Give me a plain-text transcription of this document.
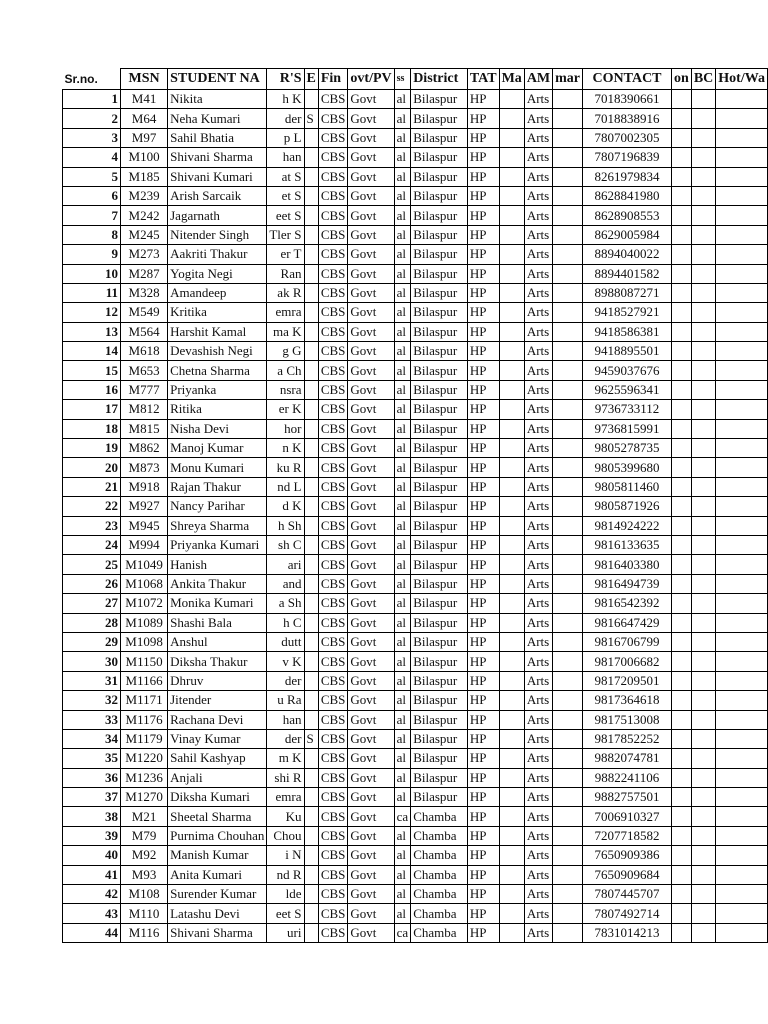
Sr.no.	MSN	STUDENT NA	R'S	E	Fin	ovt/PV	ss	District	TAT	Ma	AM	mar	CONTACT	on	BC	Hot/Wa
1	M41	Nikita	h K		CBS	Govt	al	Bilaspur	HP		Arts		7018390661			
2	M64	Neha Kumari	der	S	CBS	Govt	al	Bilaspur	HP		Arts		7018838916			
3	M97	Sahil Bhatia	p L		CBS	Govt	al	Bilaspur	HP		Arts		7807002305			
4	M100	Shivani Sharma	han		CBS	Govt	al	Bilaspur	HP		Arts		7807196839			
5	M185	Shivani Kumari	at S		CBS	Govt	al	Bilaspur	HP		Arts		8261979834			
6	M239	Arish Sarcaik	et S		CBS	Govt	al	Bilaspur	HP		Arts		8628841980			
7	M242	Jagarnath	eet S		CBS	Govt	al	Bilaspur	HP		Arts		8628908553			
8	M245	Nitender Singh	Tler S		CBS	Govt	al	Bilaspur	HP		Arts		8629005984			
9	M273	Aakriti Thakur	er T		CBS	Govt	al	Bilaspur	HP		Arts		8894040022			
10	M287	Yogita Negi	Ran		CBS	Govt	al	Bilaspur	HP		Arts		8894401582			
11	M328	Amandeep	ak R		CBS	Govt	al	Bilaspur	HP		Arts		8988087271			
12	M549	Kritika	emra		CBS	Govt	al	Bilaspur	HP		Arts		9418527921			
13	M564	Harshit Kamal	ma K		CBS	Govt	al	Bilaspur	HP		Arts		9418586381			
14	M618	Devashish Negi	g G		CBS	Govt	al	Bilaspur	HP		Arts		9418895501			
15	M653	Chetna Sharma	a Ch		CBS	Govt	al	Bilaspur	HP		Arts		9459037676			
16	M777	Priyanka	nsra		CBS	Govt	al	Bilaspur	HP		Arts		9625596341			
17	M812	Ritika	er K		CBS	Govt	al	Bilaspur	HP		Arts		9736733112			
18	M815	Nisha Devi	hor		CBS	Govt	al	Bilaspur	HP		Arts		9736815991			
19	M862	Manoj Kumar	n K		CBS	Govt	al	Bilaspur	HP		Arts		9805278735			
20	M873	Monu Kumari	ku R		CBS	Govt	al	Bilaspur	HP		Arts		9805399680			
21	M918	Rajan Thakur	nd L		CBS	Govt	al	Bilaspur	HP		Arts		9805811460			
22	M927	Nancy Parihar	d K		CBS	Govt	al	Bilaspur	HP		Arts		9805871926			
23	M945	Shreya Sharma	h Sh		CBS	Govt	al	Bilaspur	HP		Arts		9814924222			
24	M994	Priyanka Kumari	sh C		CBS	Govt	al	Bilaspur	HP		Arts		9816133635			
25	M1049	Hanish	ari		CBS	Govt	al	Bilaspur	HP		Arts		9816403380			
26	M1068	Ankita Thakur	and		CBS	Govt	al	Bilaspur	HP		Arts		9816494739			
27	M1072	Monika Kumari	a Sh		CBS	Govt	al	Bilaspur	HP		Arts		9816542392			
28	M1089	Shashi Bala	h C		CBS	Govt	al	Bilaspur	HP		Arts		9816647429			
29	M1098	Anshul	dutt		CBS	Govt	al	Bilaspur	HP		Arts		9816706799			
30	M1150	Diksha Thakur	v K		CBS	Govt	al	Bilaspur	HP		Arts		9817006682			
31	M1166	Dhruv	der		CBS	Govt	al	Bilaspur	HP		Arts		9817209501			
32	M1171	Jitender	u Ra		CBS	Govt	al	Bilaspur	HP		Arts		9817364618			
33	M1176	Rachana Devi	han		CBS	Govt	al	Bilaspur	HP		Arts		9817513008			
34	M1179	Vinay Kumar	der	S	CBS	Govt	al	Bilaspur	HP		Arts		9817852252			
35	M1220	Sahil Kashyap	m K		CBS	Govt	al	Bilaspur	HP		Arts		9882074781			
36	M1236	Anjali	shi R		CBS	Govt	al	Bilaspur	HP		Arts		9882241106			
37	M1270	Diksha Kumari	emra		CBS	Govt	al	Bilaspur	HP		Arts		9882757501			
38	M21	Sheetal Sharma	Ku		CBS	Govt	ca	Chamba	HP		Arts		7006910327			
39	M79	Purnima Chouhan	Chou		CBS	Govt	al	Chamba	HP		Arts		7207718582			
40	M92	Manish Kumar	i N		CBS	Govt	al	Chamba	HP		Arts		7650909386			
41	M93	Anita Kumari	nd R		CBS	Govt	al	Chamba	HP		Arts		7650909684			
42	M108	Surender Kumar	lde		CBS	Govt	al	Chamba	HP		Arts		7807445707			
43	M110	Latashu Devi	eet S		CBS	Govt	al	Chamba	HP		Arts		7807492714			
44	M116	Shivani Sharma	uri		CBS	Govt	ca	Chamba	HP		Arts		7831014213			
